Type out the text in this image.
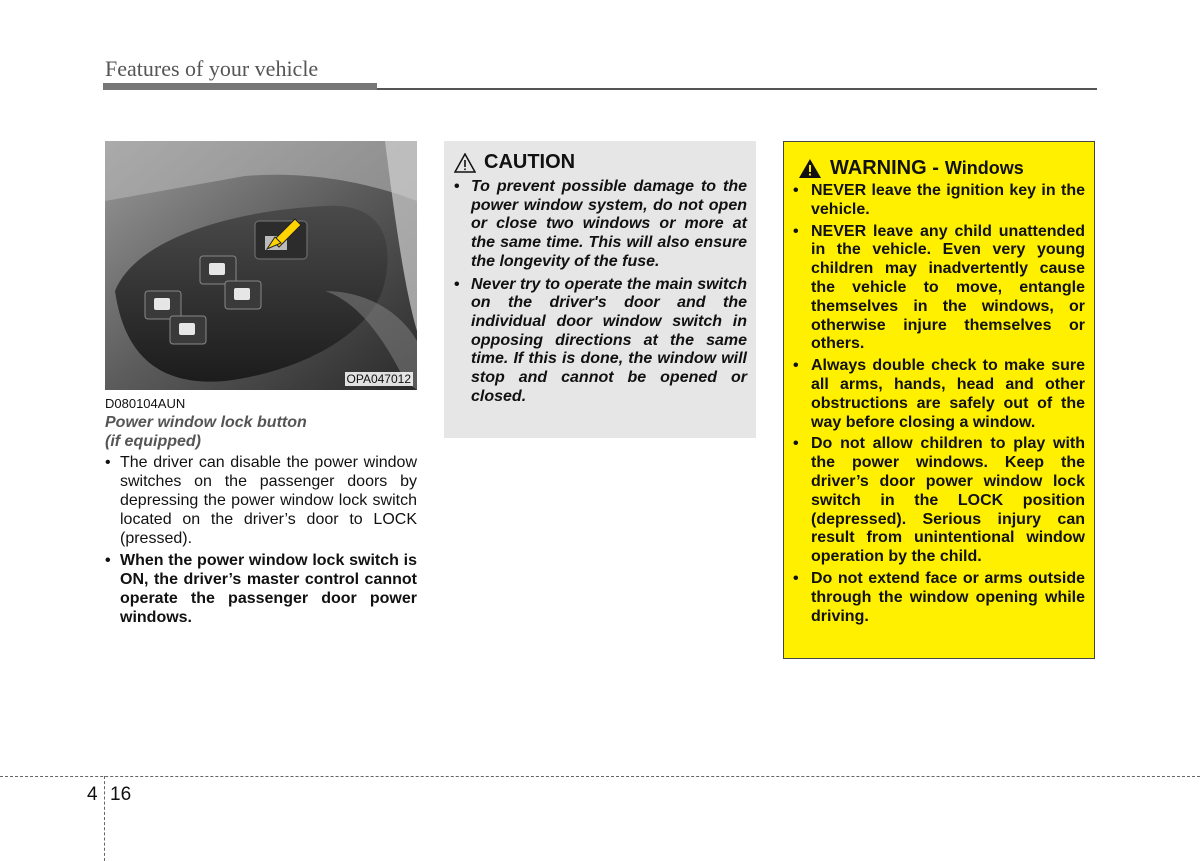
Features of your vehicle
OPA047012
D080104AUN
Power window lock button
(if equipped)
• The driver can disable the power window switches on the passenger doors by depressing the power window lock switch located on the driver’s door to LOCK (pressed).
• When the power window lock switch is ON, the driver’s master control cannot operate the passenger door power windows.
CAUTION
• To prevent possible damage to the power window system, do not open or close two windows or more at the same time. This will also ensure the longevity of the fuse.
• Never try to operate the main switch on the driver's door and the individual door window switch in opposing directions at the same time. If this is done, the window will stop and cannot be opened or closed.
WARNING - Windows
• NEVER leave the ignition key in the vehicle.
• NEVER leave any child unattended in the vehicle. Even very young children may inadvertently cause the vehicle to move, entangle themselves in the windows, or otherwise injure themselves or others.
• Always double check to make sure all arms, hands, head and other obstructions are safely out of the way before closing a window.
• Do not allow children to play with the power windows. Keep the driver’s door power window lock switch in the LOCK position (depressed). Serious injury can result from unintentional window operation by the child.
• Do not extend face or arms outside through the window opening while driving.
4 16
